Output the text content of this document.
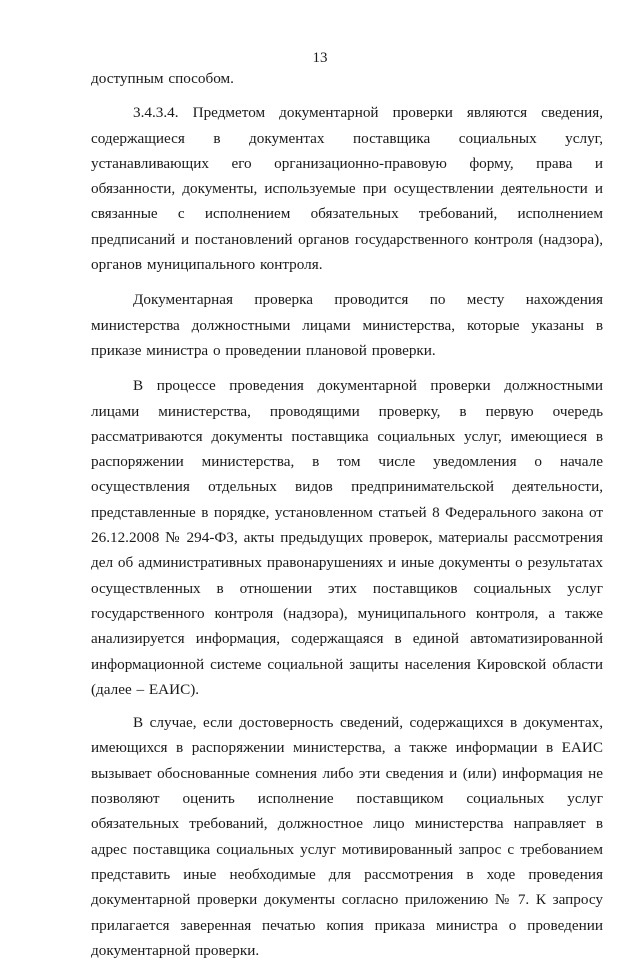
13

доступным способом.

3.4.3.4. Предметом документарной проверки являются сведения, содержащиеся в документах поставщика социальных услуг, устанавливающих его организационно-правовую форму, права и обязанности, документы, используемые при осуществлении деятельности и связанные с исполнением обязательных требований, исполнением предписаний и постановлений органов государственного контроля (надзора), органов муниципального контроля.

Документарная проверка проводится по месту нахождения министерства должностными лицами министерства, которые указаны в приказе министра о проведении плановой проверки.

В процессе проведения документарной проверки должностными лицами министерства, проводящими проверку, в первую очередь рассматриваются документы поставщика социальных услуг, имеющиеся в распоряжении министерства, в том числе уведомления о начале осуществления отдельных видов предпринимательской деятельности, представленные в порядке, установленном статьей 8 Федерального закона от 26.12.2008 № 294-ФЗ, акты предыдущих проверок, материалы рассмотрения дел об административных правонарушениях и иные документы о результатах осуществленных в отношении этих поставщиков социальных услуг государственного контроля (надзора), муниципального контроля, а также анализируется информация, содержащаяся в единой автоматизированной информационной системе социальной защиты населения Кировской области (далее – ЕАИС).

В случае, если достоверность сведений, содержащихся в документах, имеющихся в распоряжении министерства, а также информации в ЕАИС вызывает обоснованные сомнения либо эти сведения и (или) информация не позволяют оценить исполнение поставщиком социальных услуг обязательных требований, должностное лицо министерства направляет в адрес поставщика социальных услуг мотивированный запрос с требованием представить иные необходимые для рассмотрения в ходе проведения документарной проверки документы согласно приложению № 7. К запросу прилагается заверенная печатью копия приказа министра о проведении документарной проверки.
